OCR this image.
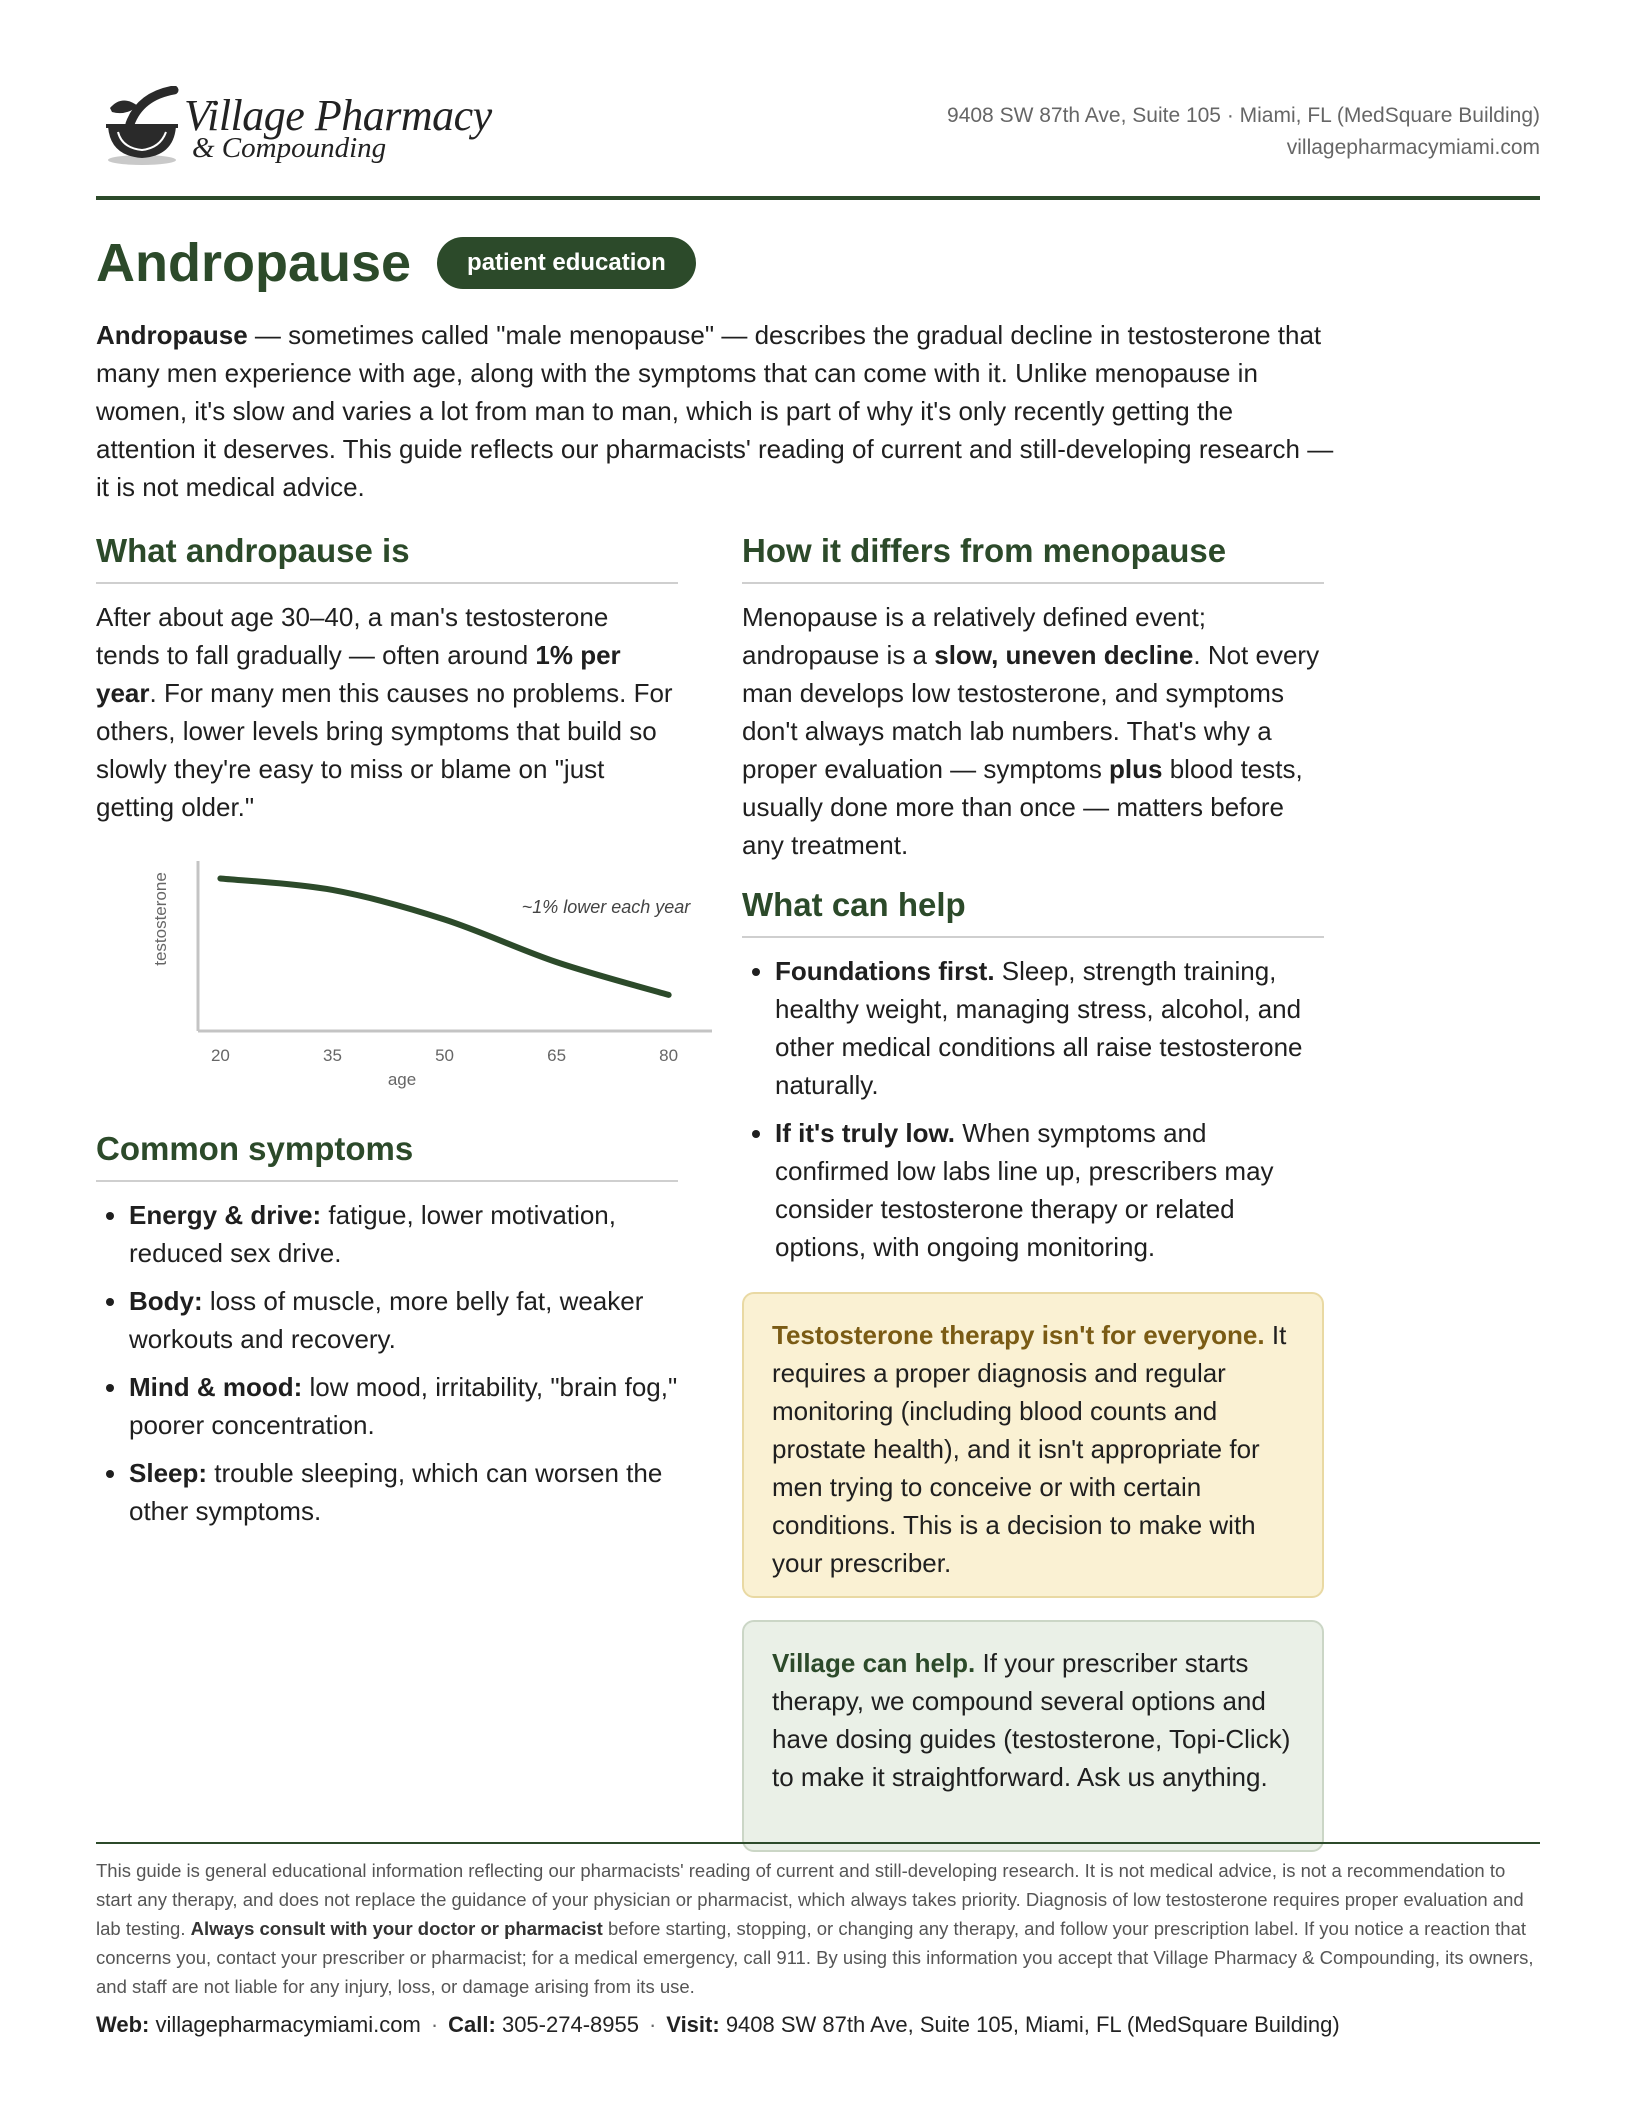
Village Pharmacy
& Compounding
9408 SW 87th Ave, Suite 105 · Miami, FL (MedSquare Building)
villagepharmacymiami.com
Andropause	patient education

Andropause — sometimes called "male menopause" — describes the gradual decline in testosterone that many men experience with age, along with the symptoms that can come with it. Unlike menopause in women, it's slow and varies a lot from man to man, which is part of why it's only recently getting the attention it deserves. This guide reflects our pharmacists' reading of current and still-developing research — it is not medical advice.

What andropause is

After about age 30–40, a man's testosterone tends to fall gradually — often around 1% per year. For many men this causes no problems. For others, lower levels bring symptoms that build so slowly they're easy to miss or blame on "just getting older."

20	35	50	65	80
age
testosterone	~1% lower each year
Common symptoms
• Energy & drive: fatigue, lower motivation, reduced sex drive.
• Body: loss of muscle, more belly fat, weaker workouts and recovery.
• Mind & mood: low mood, irritability, "brain fog," poorer concentration.
• Sleep: trouble sleeping, which can worsen the other symptoms.
How it differs from menopause

Menopause is a relatively defined event; andropause is a slow, uneven decline. Not every man develops low testosterone, and symptoms don't always match lab numbers. That's why a proper evaluation — symptoms plus blood tests, usually done more than once — matters before any treatment.

What can help
• Foundations first. Sleep, strength training, healthy weight, managing stress, alcohol, and other medical conditions all raise testosterone naturally.
• If it's truly low. When symptoms and confirmed low labs line up, prescribers may consider testosterone therapy or related options, with ongoing monitoring.
Testosterone therapy isn't for everyone. It requires a proper diagnosis and regular monitoring (including blood counts and prostate health), and it isn't appropriate for men trying to conceive or with certain conditions. This is a decision to make with your prescriber.
Village can help. If your prescriber starts therapy, we compound several options and have dosing guides (testosterone, Topi-Click) to make it straightforward. Ask us anything.

This guide is general educational information reflecting our pharmacists' reading of current and still-developing research. It is not medical advice, is not a recommendation to start any therapy, and does not replace the guidance of your physician or pharmacist, which always takes priority. Diagnosis of low testosterone requires proper evaluation and lab testing. Always consult with your doctor or pharmacist before starting, stopping, or changing any therapy, and follow your prescription label. If you notice a reaction that concerns you, contact your prescriber or pharmacist; for a medical emergency, call 911. By using this information you accept that Village Pharmacy & Compounding, its owners, and staff are not liable for any injury, loss, or damage arising from its use.

Web: villagepharmacymiami.com · Call: 305-274-8955 · Visit: 9408 SW 87th Ave, Suite 105, Miami, FL (MedSquare Building)
